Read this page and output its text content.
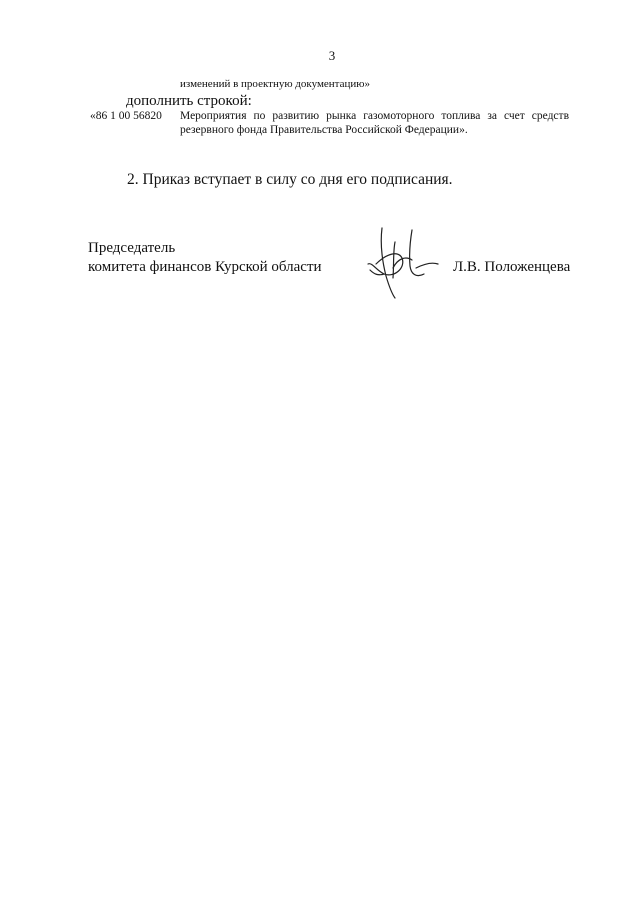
3
изменений в проектную документацию»
дополнить строкой:
«86 1 00 56820 Мероприятия по развитию рынка газомоторного топлива за счет средств
резервного фонда Правительства Российской Федерации».
2. Приказ вступает в силу со дня его подписания.
Председатель
комитета финансов Курской области	Л.В. Положенцева
